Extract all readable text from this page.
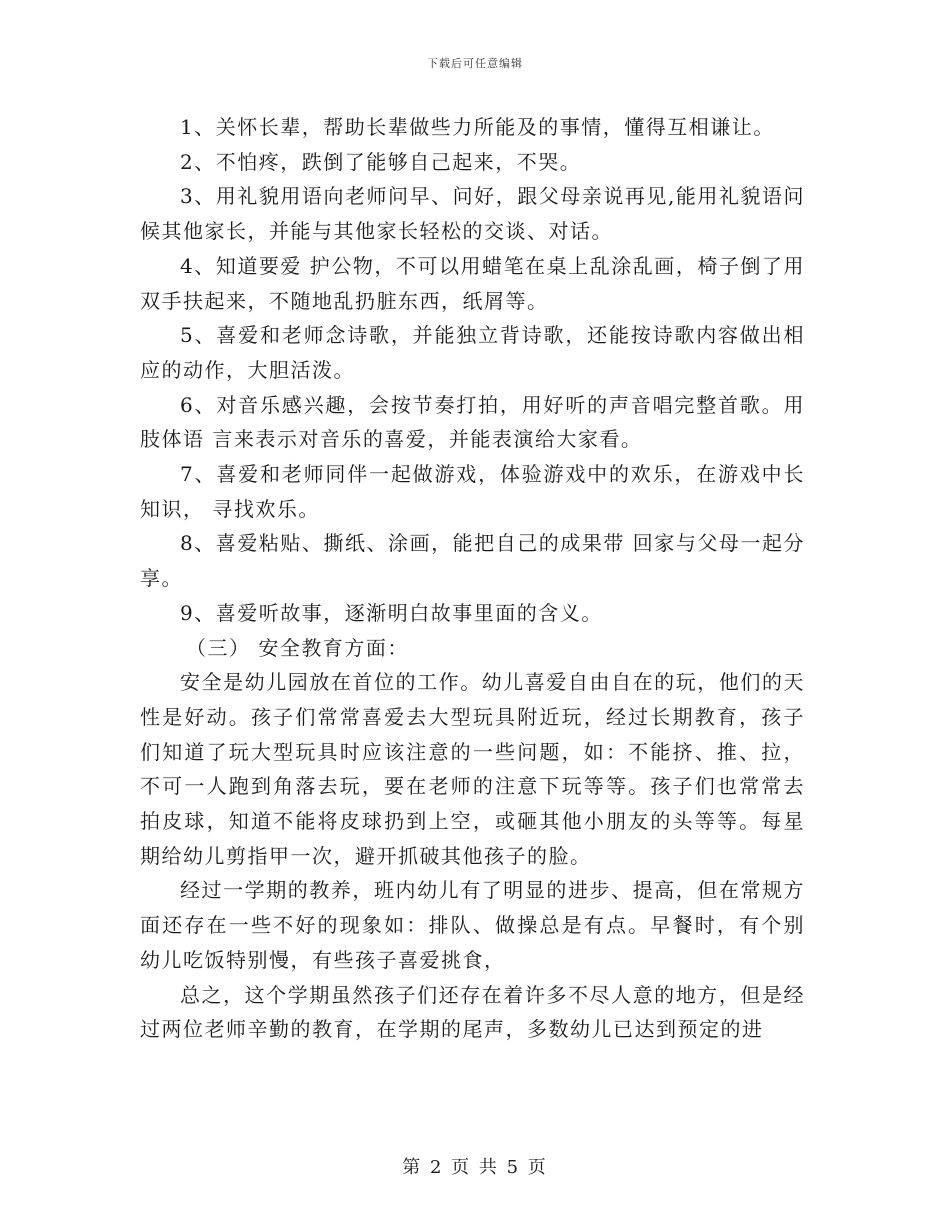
下载后可任意编辑

1、关怀长辈，帮助长辈做些力所能及的事情，懂得互相谦让。

2、不怕疼，跌倒了能够自己起来，不哭。

3、用礼貌用语向老师问早、问好，跟父母亲说再见,能用礼貌语问候其他家长，并能与其他家长轻松的交谈、对话。

4、知道要爱 护公物，不可以用蜡笔在桌上乱涂乱画，椅子倒了用双手扶起来，不随地乱扔脏东西，纸屑等。

5、喜爱和老师念诗歌，并能独立背诗歌，还能按诗歌内容做出相应的动作，大胆活泼。

6、对音乐感兴趣，会按节奏打拍，用好听的声音唱完整首歌。用肢体语 言来表示对音乐的喜爱，并能表演给大家看。

7、喜爱和老师同伴一起做游戏，体验游戏中的欢乐，在游戏中长知识， 寻找欢乐。

8、喜爱粘贴、撕纸、涂画，能把自己的成果带 回家与父母一起分享。

9、喜爱听故事，逐渐明白故事里面的含义。

（三） 安全教育方面：

安全是幼儿园放在首位的工作。幼儿喜爱自由自在的玩，他们的天性是好动。孩子们常常喜爱去大型玩具附近玩，经过长期教育，孩子们知道了玩大型玩具时应该注意的一些问题，如：不能挤、推、拉，不可一人跑到角落去玩，要在老师的注意下玩等等。孩子们也常常去拍皮球，知道不能将皮球扔到上空，或砸其他小朋友的头等等。每星期给幼儿剪指甲一次，避开抓破其他孩子的脸。

经过一学期的教养，班内幼儿有了明显的进步、提高，但在常规方面还存在一些不好的现象如：排队、做操总是有点。早餐时，有个别幼儿吃饭特别慢，有些孩子喜爱挑食，

总之，这个学期虽然孩子们还存在着许多不尽人意的地方，但是经过两位老师辛勤的教育，在学期的尾声，多数幼儿已达到预定的进

第 2 页 共 5 页
